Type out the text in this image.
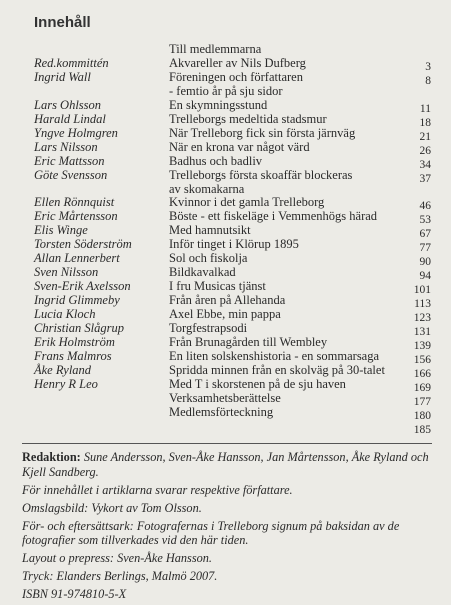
Innehåll
Till medlemmarna
Red.kommittén	Akvareller av Nils Dufberg	3
Ingrid Wall	Föreningen och författaren	8
- femtio år på sju sidor
Lars Ohlsson	En skymningsstund	11
Harald Lindal	Trelleborgs medeltida stadsmur	18
Yngve Holmgren	När Trelleborg fick sin första järnväg	21
Lars Nilsson	När en krona var något värd	26
Eric Mattsson	Badhus och badliv	34
Göte Svensson	Trelleborgs första skoaffär blockeras	37
av skomakarna
Ellen Rönnquist	Kvinnor i det gamla Trelleborg	46
Eric Mårtensson	Böste - ett fiskeläge i Vemmenhögs härad	53
Elis Winge	Med hamnutsikt	67
Torsten Söderström	Inför tinget i Klörup 1895	77
Allan Lennerbert	Sol och fiskolja	90
Sven Nilsson	Bildkavalkad	94
Sven-Erik Axelsson	I fru Musicas tjänst	101
Ingrid Glimmeby	Från åren på Allehanda	113
Lucia Kloch	Axel Ebbe, min pappa	123
Christian Slågrup	Torgfestrapsodi	131
Erik Holmström	Från Brunagården till Wembley	139
Frans Malmros	En liten solskenshistoria - en sommarsaga	156
Åke Ryland	Spridda minnen från en skolväg på 30-talet	166
Henry R Leo	Med T i skorstenen på de sju haven	169
Verksamhetsberättelse	177
Medlemsförteckning	180
185

Redaktion: Sune Andersson, Sven-Åke Hansson, Jan Mårtensson, Åke Ryland och Kjell Sandberg.

För innehållet i artiklarna svarar respektive författare.

Omslagsbild: Vykort av Tom Olsson.

För- och eftersättsark: Fotografernas i Trelleborg signum på baksidan av de fotografier som tillverkades vid den här tiden.

Layout o prepress: Sven-Åke Hansson.

Tryck: Elanders Berlings, Malmö 2007.

ISBN 91-974810-5-X
